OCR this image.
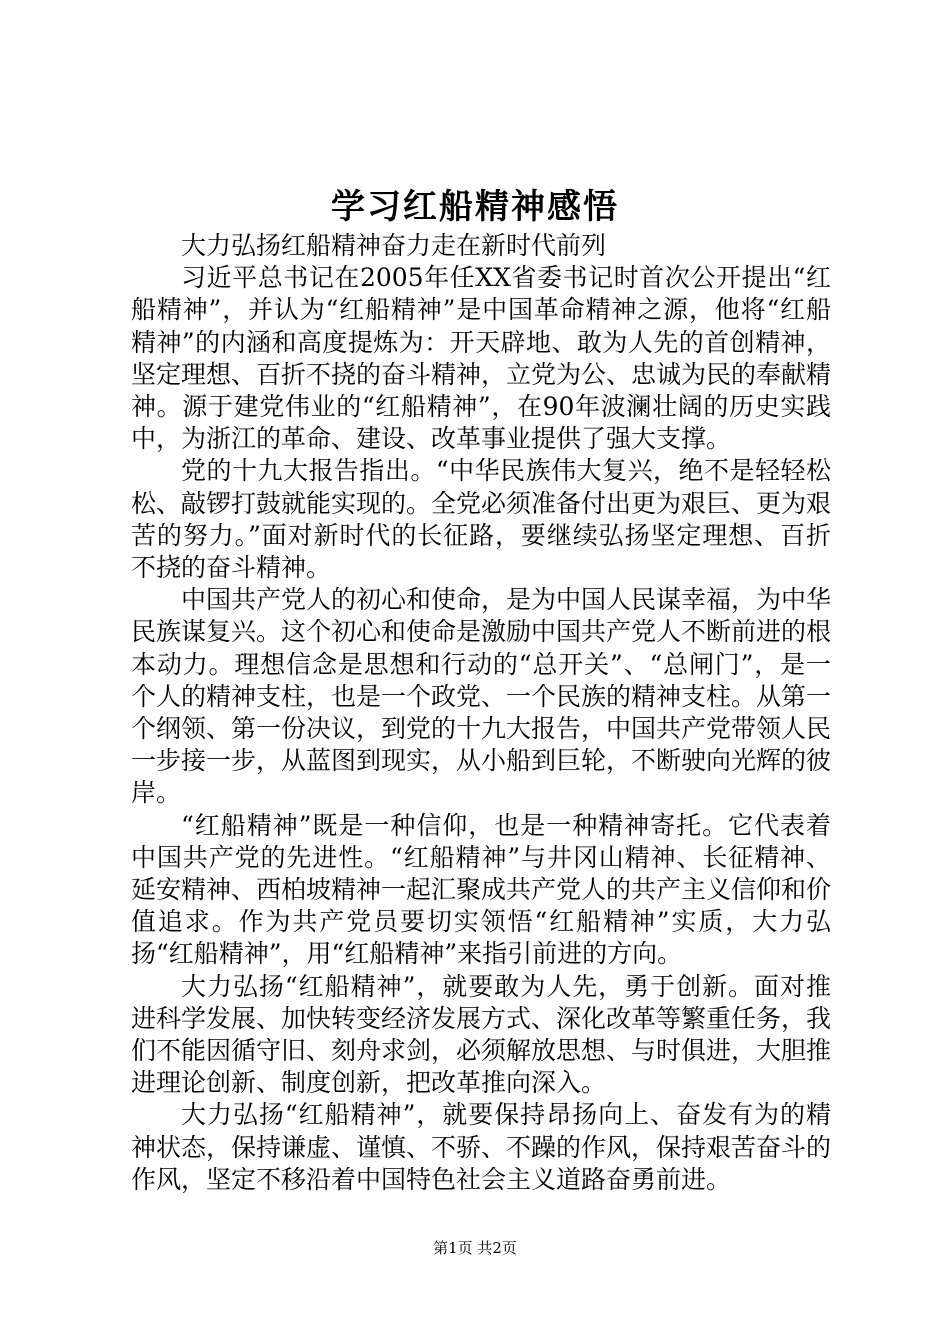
学习红船精神感悟

大力弘扬红船精神奋力走在新时代前列

习近平总书记在2005年任XX省委书记时首次公开提出“红船精神”，并认为“红船精神”是中国革命精神之源，他将“红船精神”的内涵和高度提炼为：开天辟地、敢为人先的首创精神，坚定理想、百折不挠的奋斗精神，立党为公、忠诚为民的奉献精神。源于建党伟业的“红船精神”，在90年波澜壮阔的历史实践中，为浙江的革命、建设、改革事业提供了强大支撑。

党的十九大报告指出。“中华民族伟大复兴，绝不是轻轻松松、敲锣打鼓就能实现的。全党必须准备付出更为艰巨、更为艰苦的努力。”面对新时代的长征路，要继续弘扬坚定理想、百折不挠的奋斗精神。

中国共产党人的初心和使命，是为中国人民谋幸福，为中华民族谋复兴。这个初心和使命是激励中国共产党人不断前进的根本动力。理想信念是思想和行动的“总开关”、“总闸门”，是一个人的精神支柱，也是一个政党、一个民族的精神支柱。从第一个纲领、第一份决议，到党的十九大报告，中国共产党带领人民一步接一步，从蓝图到现实，从小船到巨轮，不断驶向光辉的彼岸。

“红船精神”既是一种信仰，也是一种精神寄托。它代表着中国共产党的先进性。“红船精神”与井冈山精神、长征精神、延安精神、西柏坡精神一起汇聚成共产党人的共产主义信仰和价值追求。作为共产党员要切实领悟“红船精神”实质，大力弘扬“红船精神”，用“红船精神”来指引前进的方向。

大力弘扬“红船精神”，就要敢为人先，勇于创新。面对推进科学发展、加快转变经济发展方式、深化改革等繁重任务，我们不能因循守旧、刻舟求剑，必须解放思想、与时俱进，大胆推进理论创新、制度创新，把改革推向深入。

大力弘扬“红船精神”，就要保持昂扬向上、奋发有为的精神状态，保持谦虚、谨慎、不骄、不躁的作风，保持艰苦奋斗的作风，坚定不移沿着中国特色社会主义道路奋勇前进。

第1页 共2页
